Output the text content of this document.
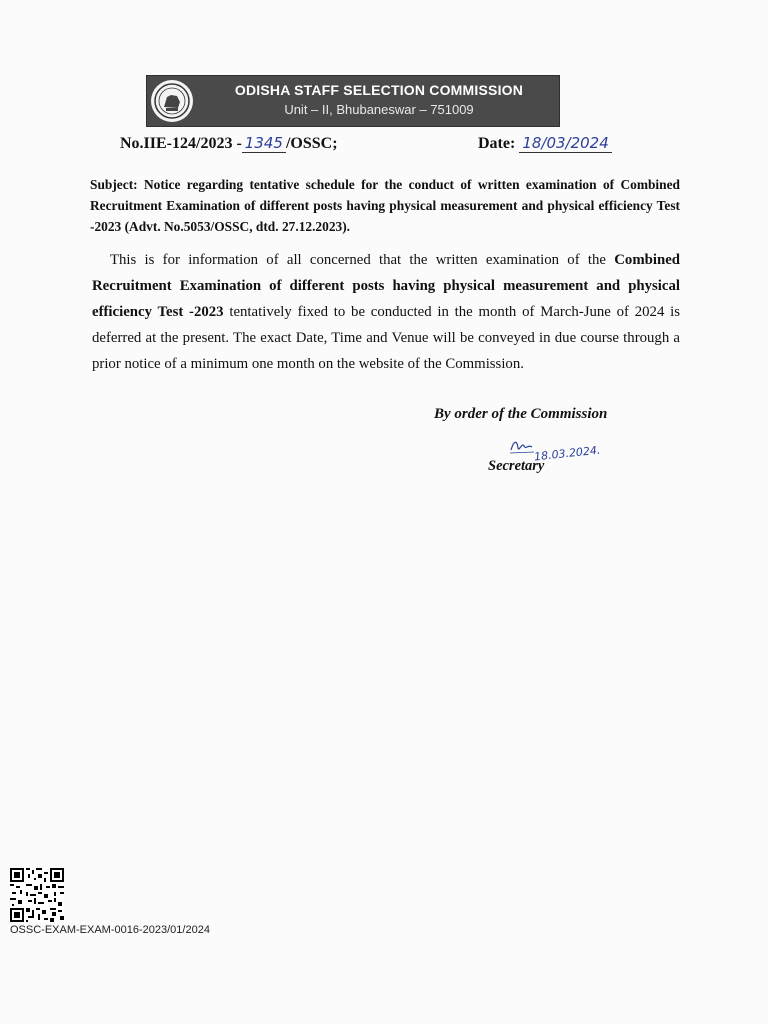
ODISHA STAFF SELECTION COMMISSION
Unit – II, Bhubaneswar – 751009
No.IIE-124/2023 - 1345 /OSSC;	Date: 18/03/2024
Subject: Notice regarding tentative schedule for the conduct of written examination of Combined Recruitment Examination of different posts having physical measurement and physical efficiency Test -2023 (Advt. No.5053/OSSC, dtd. 27.12.2023).
This is for information of all concerned that the written examination of the Combined Recruitment Examination of different posts having physical measurement and physical efficiency Test -2023 tentatively fixed to be conducted in the month of March-June of 2024 is deferred at the present. The exact Date, Time and Venue will be conveyed in due course through a prior notice of a minimum one month on the website of the Commission.
By order of the Commission
18.03.2024.
Secretary
OSSC-EXAM-EXAM-0016-2023/01/2024
